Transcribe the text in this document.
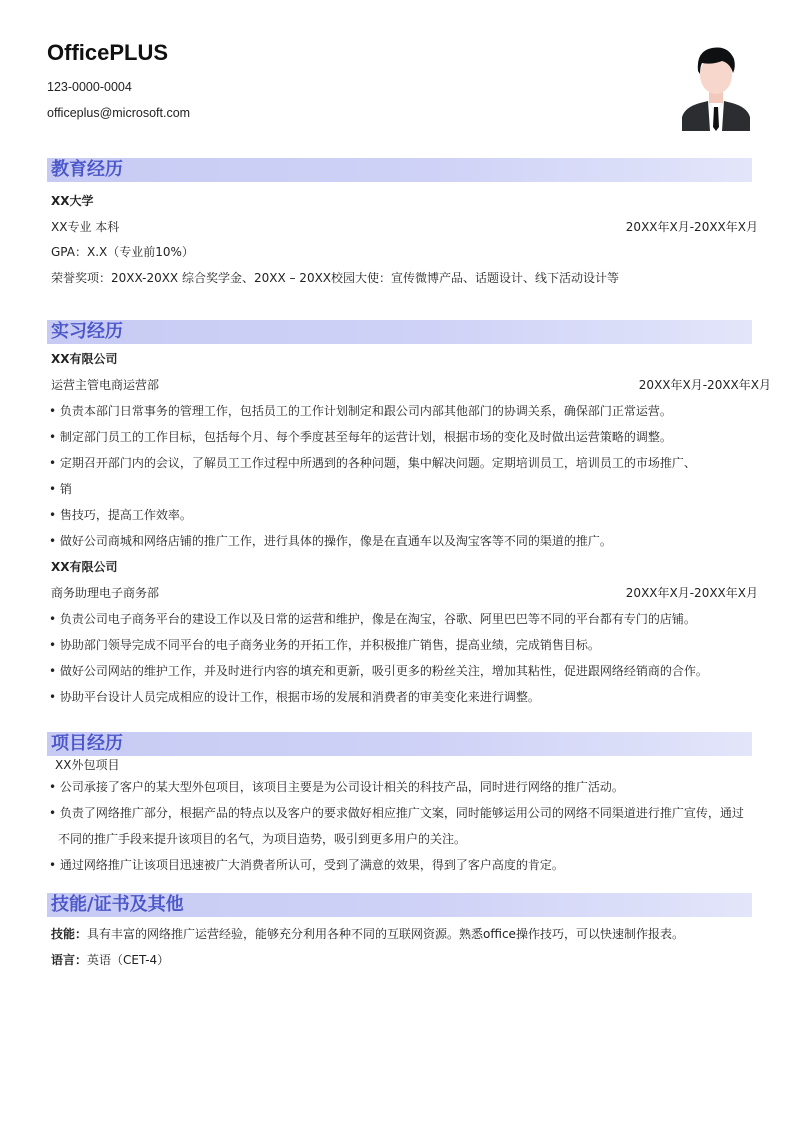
OfficePLUS
123-0000-0004
officeplus@microsoft.com
教育经历
XX大学
XX专业 本科	20XX年X月-20XX年X月
GPA：X.X（专业前10%）
荣誉奖项：20XX-20XX 综合奖学金、20XX – 20XX校园大使：宣传微博产品、话题设计、线下活动设计等
实习经历
XX有限公司
运营主管电商运营部	20XX年X月-20XX年X月
• 负责本部门日常事务的管理工作，包括员工的工作计划制定和跟公司内部其他部门的协调关系，确保部门正常运营。
• 制定部门员工的工作目标，包括每个月、每个季度甚至每年的运营计划，根据市场的变化及时做出运营策略的调整。
• 定期召开部门内的会议，了解员工工作过程中所遇到的各种问题，集中解决问题。定期培训员工，培训员工的市场推广、
• 销
• 售技巧，提高工作效率。
• 做好公司商城和网络店铺的推广工作，进行具体的操作，像是在直通车以及淘宝客等不同的渠道的推广。
XX有限公司
商务助理电子商务部	20XX年X月-20XX年X月
• 负责公司电子商务平台的建设工作以及日常的运营和维护，像是在淘宝，谷歌、阿里巴巴等不同的平台都有专门的店铺。
• 协助部门领导完成不同平台的电子商务业务的开拓工作，并积极推广销售，提高业绩，完成销售目标。
• 做好公司网站的维护工作，并及时进行内容的填充和更新，吸引更多的粉丝关注，增加其粘性，促进跟网络经销商的合作。
• 协助平台设计人员完成相应的设计工作，根据市场的发展和消费者的审美变化来进行调整。
项目经历
XX外包项目
• 公司承接了客户的某大型外包项目，该项目主要是为公司设计相关的科技产品，同时进行网络的推广活动。
• 负责了网络推广部分，根据产品的特点以及客户的要求做好相应推广文案，同时能够运用公司的网络不同渠道进行推广宣传，通过
不同的推广手段来提升该项目的名气，为项目造势，吸引到更多用户的关注。
• 通过网络推广让该项目迅速被广大消费者所认可，受到了满意的效果，得到了客户高度的肯定。
技能/证书及其他
技能：具有丰富的网络推广运营经验，能够充分利用各种不同的互联网资源。熟悉office操作技巧，可以快速制作报表。
语言：英语（CET-4）
